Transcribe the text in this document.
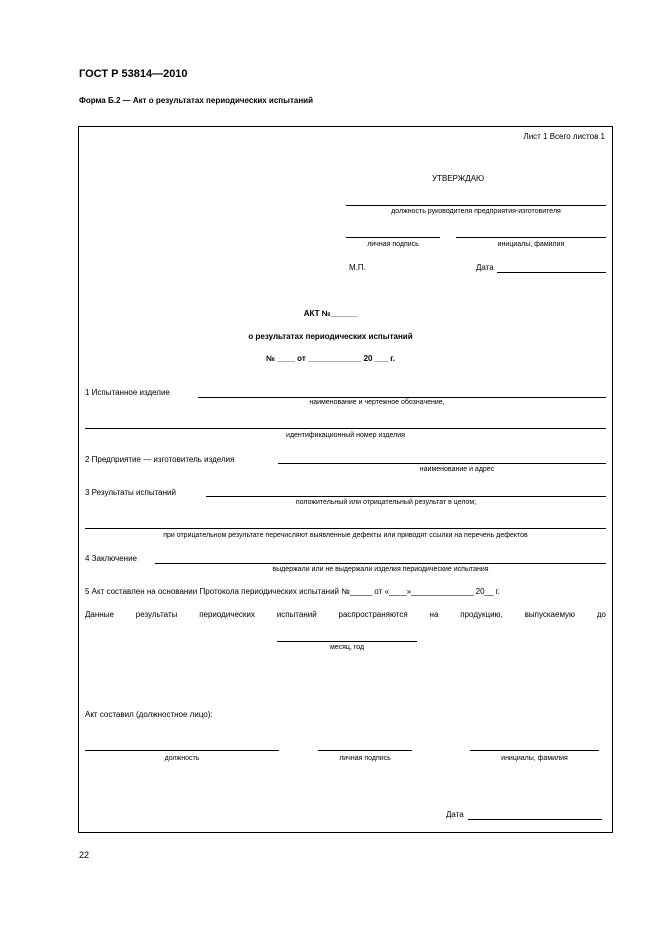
ГОСТ Р 53814—2010
Форма Б.2 — Акт о результатах периодических испытаний
Лист 1 Всего листов 1
УТВЕРЖДАЮ
должность руководителя предприятия-изготовителя
личная подпись	инициалы, фамилия
М.П.	Дата
АКТ №______
о результатах периодических испытаний
№ ____ от ____________ 20 ___ г.
1 Испытанное изделие
наименование и чертежное обозначение,
идентификационный номер изделия
2 Предприятие — изготовитель изделия
наименование и адрес
3 Результаты испытаний
положительный или отрицательный результат в целом;
при отрицательном результате перечисляют выявленные дефекты или приводят ссылки на перечень дефектов
4 Заключение
выдержали или не выдержали изделия периодические испытания
5 Акт составлен на основании Протокола периодических испытаний №_____ от «____»______________ 20__ г.
Данные результаты периодических испытаний распространяются на продукцию, выпускаемую до
месяц, год
Акт составил (должностное лицо):
должность	личная подпись	инициалы, фамилия
Дата
22
